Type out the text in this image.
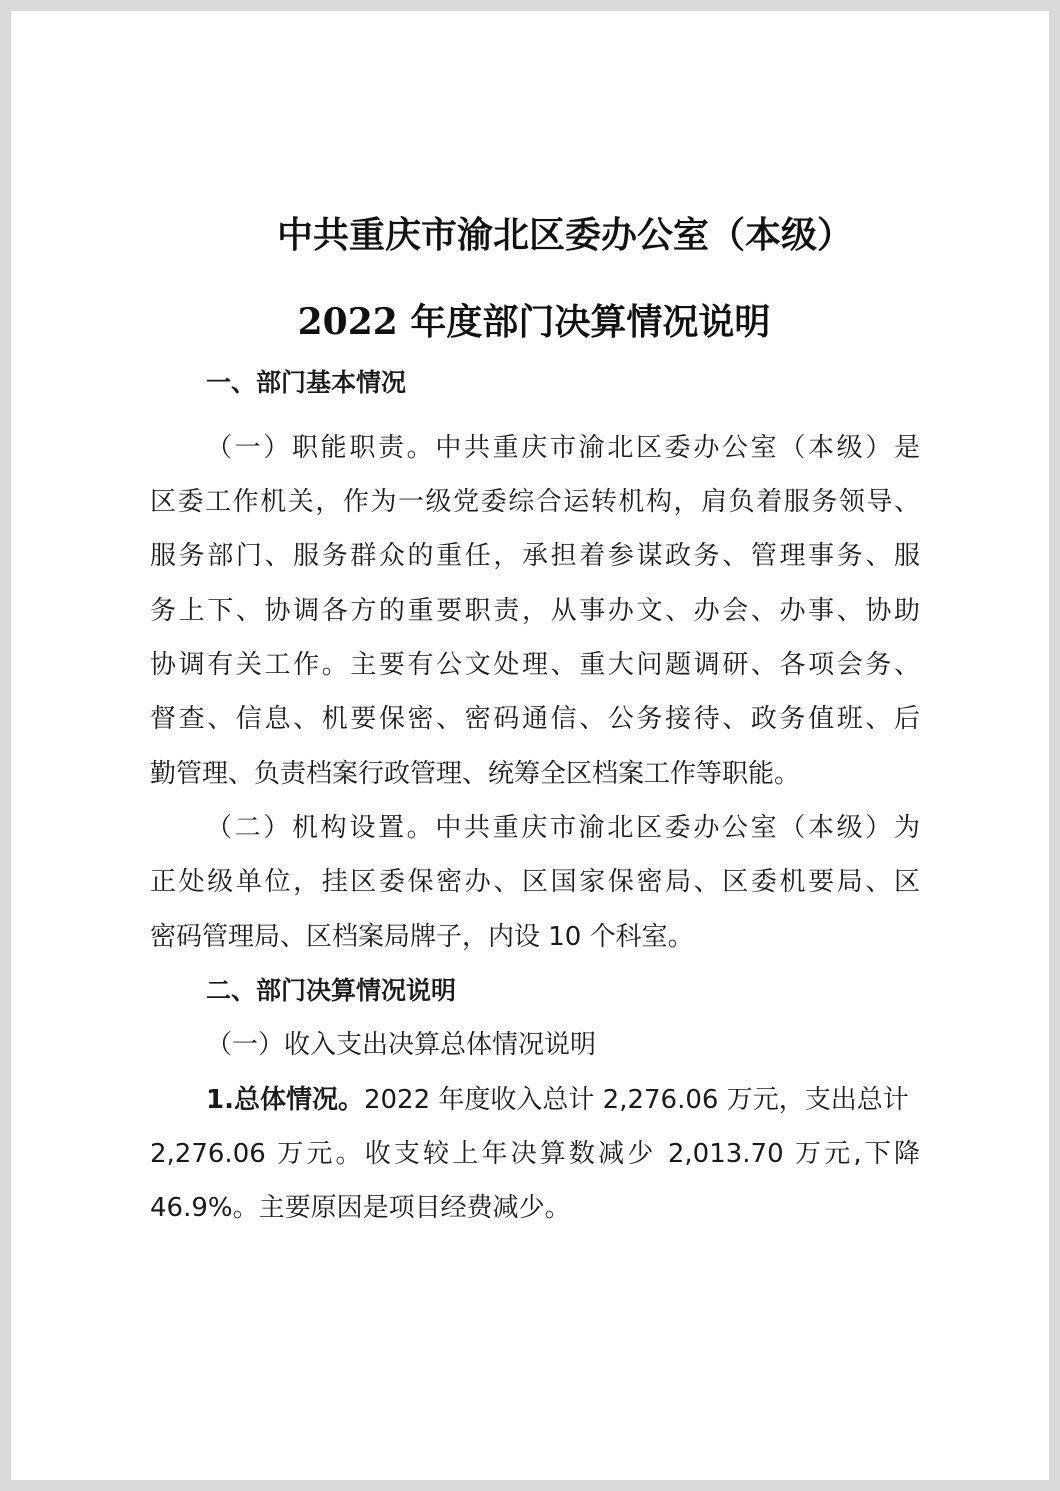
中共重庆市渝北区委办公室（本级）
2022 年度部门决算情况说明
一、部门基本情况
（一）职能职责。中共重庆市渝北区委办公室（本级）是
区委工作机关，作为一级党委综合运转机构，肩负着服务领导、
服务部门、服务群众的重任，承担着参谋政务、管理事务、服
务上下、协调各方的重要职责，从事办文、办会、办事、协助
协调有关工作。主要有公文处理、重大问题调研、各项会务、
督查、信息、机要保密、密码通信、公务接待、政务值班、后
勤管理、负责档案行政管理、统筹全区档案工作等职能。
（二）机构设置。中共重庆市渝北区委办公室（本级）为
正处级单位，挂区委保密办、区国家保密局、区委机要局、区
密码管理局、区档案局牌子，内设 10 个科室。
二、部门决算情况说明
（一）收入支出决算总体情况说明
1.总体情况。2022 年度收入总计 2,276.06 万元，支出总计
2,276.06 万元。收支较上年决算数减少 2,013.70 万元,下降
46.9%。主要原因是项目经费减少。
